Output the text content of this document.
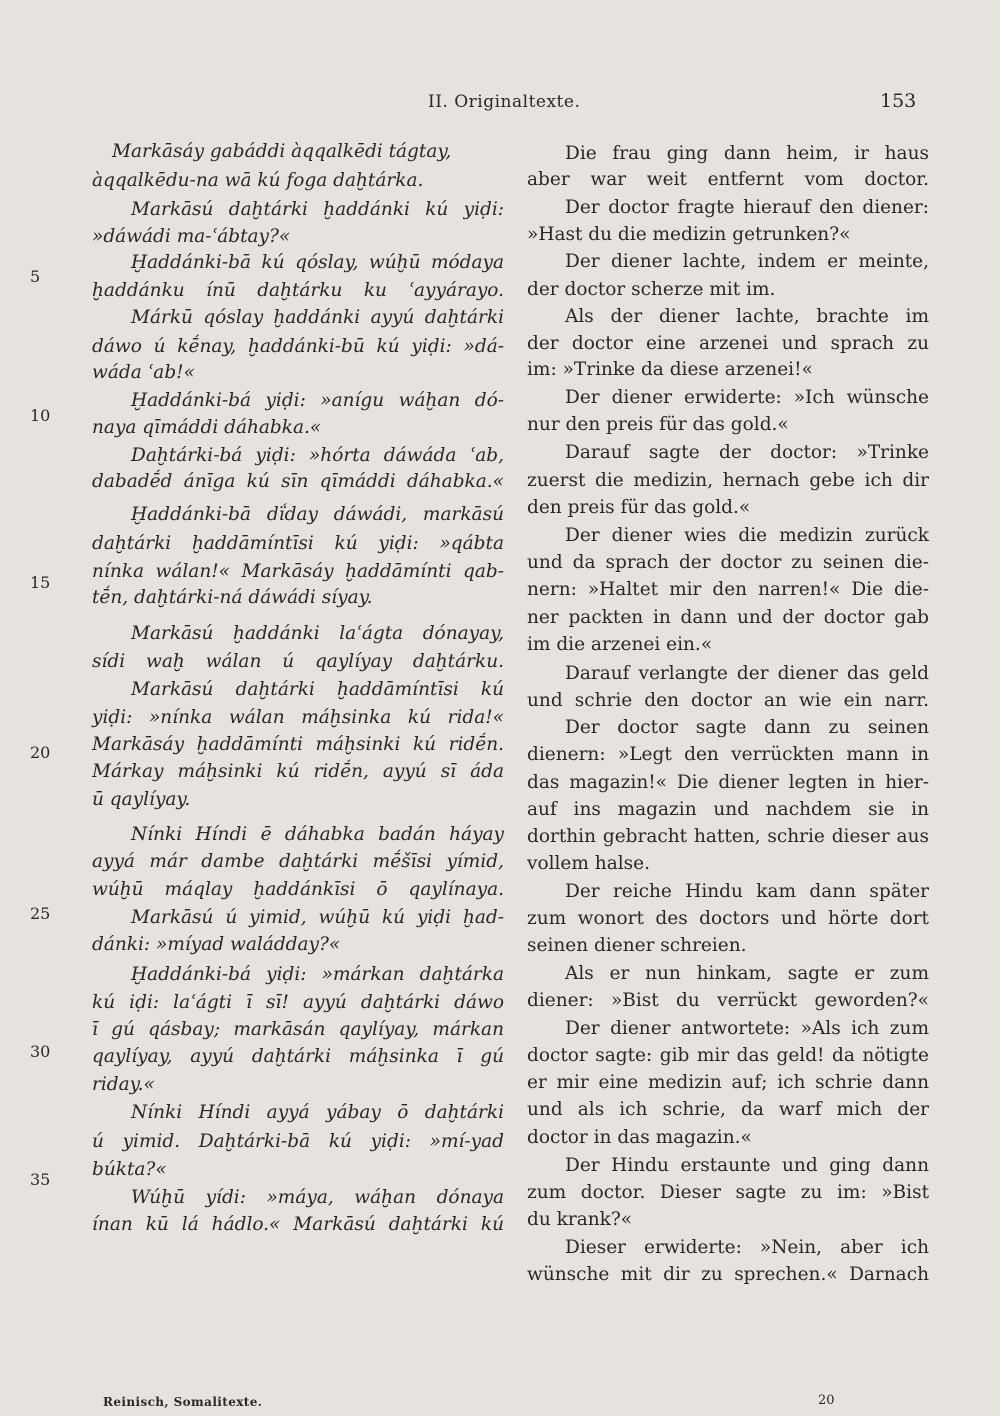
II. Originaltexte.	153
Markāsáy gabáddi àqqalkēdi tágtay,
àqqalkēdu-na wā kú foga daḫtárka.
Markāsú daḫtárki ḫaddánki kú yiḍi:
»dáwádi ma-ʿábtay?«
Ḫaddánki-bā kú qóslay, wúḫū módaya
ḫaddánku ínū daḫtárku ku ʿayyárayo.
Márkū qóslay ḫaddánki ayyú daḫtárki
dáwo ú kḗnay, ḫaddánki-bū kú yiḍi: »dá-
wáda ʿab!«
Ḫaddánki-bá yiḍi: »anígu wáḫan dó-
naya qīmáddi dáhabka.«
Daḫtárki-bá yiḍi: »hórta dáwáda ʿab,
dabadḗd ánīga kú sīn qīmáddi dáhabka.«
Ḫaddánki-bā dḯday dáwádi, markāsú
daḫtárki ḫaddāmíntīsi kú yiḍi: »qábta
nínka wálan!« Markāsáy ḫaddāmínti qab-
tḗn, daḫtárki-ná dáwádi síyay.
Markāsú ḫaddánki laʿágta dónayay,
sídi waḫ wálan ú qaylíyay daḫtárku.
Markāsú daḫtárki ḫaddāmíntīsi kú
yiḍi: »nínka wálan máḫsinka kú rida!«
Markāsáy ḫaddāmínti máḫsinki kú ridḗn.
Márkay máḫsinki kú ridḗn, ayyú sī áda
ū qaylíyay.
Nínki Híndi ē dáhabka badán háyay
ayyá már dambe daḫtárki mḗšīsi yímid,
wúḫū máqlay ḫaddánkīsi ō qaylínaya.
Markāsú ú yimid, wúḫū kú yiḍi ḫad-
dánki: »míyad waládday?«
Ḫaddánki-bá yiḍi: »márkan daḫtárka
kú iḍi: laʿágti ī sī! ayyú daḫtárki dáwo
ī gú qásbay; markāsán qaylíyay, márkan
qaylíyay, ayyú daḫtárki máḫsinka ī gú
riday.«
Nínki Híndi ayyá yábay ō daḫtárki
ú yimid. Daḫtárki-bā kú yiḍi: »mí-yad
búkta?«
Wúḫū yídi: »máya, wáḫan dónaya
ínan kū lá hádlo.« Markāsú daḫtárki kú
Die frau ging dann heim, ir haus
aber war weit entfernt vom doctor.
Der doctor fragte hierauf den diener:
»Hast du die medizin getrunken?«
Der diener lachte, indem er meinte,
der doctor scherze mit im.
Als der diener lachte, brachte im
der doctor eine arzenei und sprach zu
im: »Trinke da diese arzenei!«
Der diener erwiderte: »Ich wünsche
nur den preis für das gold.«
Darauf sagte der doctor: »Trinke
zuerst die medizin, hernach gebe ich dir
den preis für das gold.«
Der diener wies die medizin zurück
und da sprach der doctor zu seinen die-
nern: »Haltet mir den narren!« Die die-
ner packten in dann und der doctor gab
im die arzenei ein.«
Darauf verlangte der diener das geld
und schrie den doctor an wie ein narr.
Der doctor sagte dann zu seinen
dienern: »Legt den verrückten mann in
das magazin!« Die diener legten in hier-
auf ins magazin und nachdem sie in
dorthin gebracht hatten, schrie dieser aus
vollem halse.
Der reiche Hindu kam dann später
zum wonort des doctors und hörte dort
seinen diener schreien.
Als er nun hinkam, sagte er zum
diener: »Bist du verrückt geworden?«
Der diener antwortete: »Als ich zum
doctor sagte: gib mir das geld! da nötigte
er mir eine medizin auf; ich schrie dann
und als ich schrie, da warf mich der
doctor in das magazin.«
Der Hindu erstaunte und ging dann
zum doctor. Dieser sagte zu im: »Bist
du krank?«
Dieser erwiderte: »Nein, aber ich
wünsche mit dir zu sprechen.« Darnach
5
10
15
20
25
30
35
Reinisch, Somalitexte.	20
